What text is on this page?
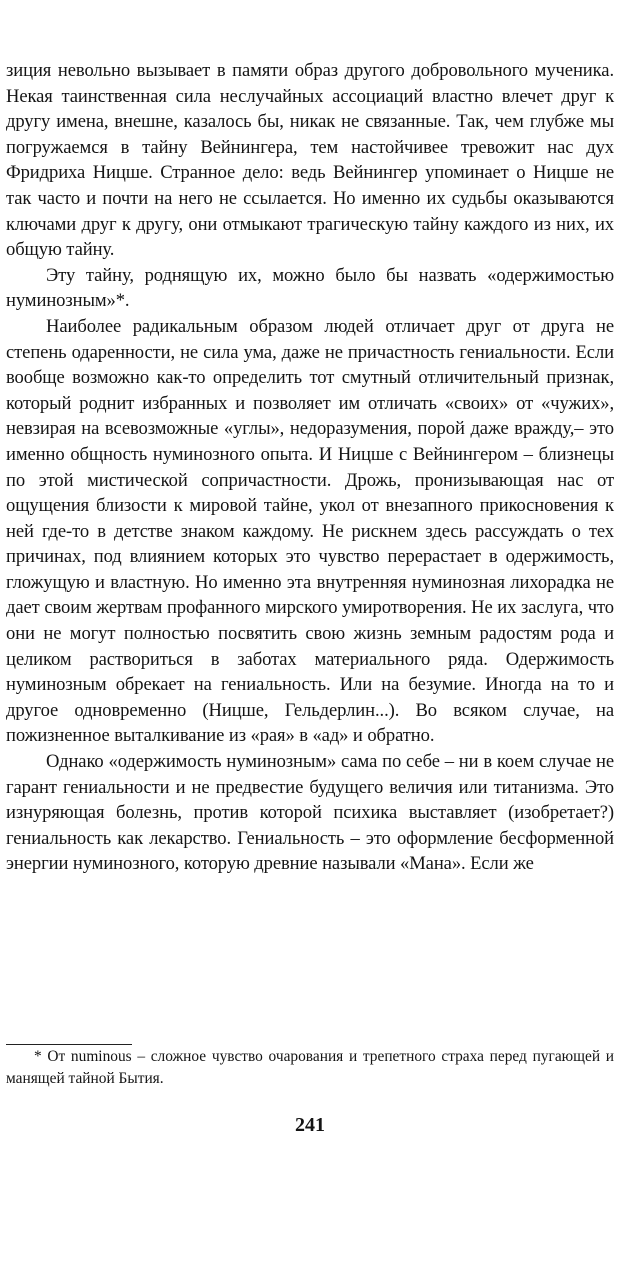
зиция невольно вызывает в памяти образ другого добровольного мученика. Некая таинственная сила неслучайных ассоциаций властно влечет друг к другу имена, внешне, казалось бы, никак не связанные. Так, чем глубже мы погружаемся в тайну Вейнингера, тем настойчивее тревожит нас дух Фридриха Ницше. Странное дело: ведь Вейнингер упоминает о Ницше не так часто и почти на него не ссылается. Но именно их судьбы оказываются ключами друг к другу, они отмыкают трагическую тайну каждого из них, их общую тайну.

Эту тайну, роднящую их, можно было бы назвать «одержимостью нуминозным»*.

Наиболее радикальным образом людей отличает друг от друга не степень одаренности, не сила ума, даже не причастность гениальности. Если вообще возможно как-то определить тот смутный отличительный признак, который роднит избранных и позволяет им отличать «своих» от «чужих», невзирая на всевозможные «углы», недоразумения, порой даже вражду,– это именно общность нуминозного опыта. И Ницше с Вейнингером – близнецы по этой мистической сопричастности. Дрожь, пронизывающая нас от ощущения близости к мировой тайне, укол от внезапного прикосновения к ней где-то в детстве знаком каждому. Не рискнем здесь рассуждать о тех причинах, под влиянием которых это чувство перерастает в одержимость, гложущую и властную. Но именно эта внутренняя нуминозная лихорадка не дает своим жертвам профанного мирского умиротворения. Не их заслуга, что они не могут полностью посвятить свою жизнь земным радостям рода и целиком раствориться в заботах материального ряда. Одержимость нуминозным обрекает на гениальность. Или на безумие. Иногда на то и другое одновременно (Ницше, Гельдерлин...). Во всяком случае, на пожизненное выталкивание из «рая» в «ад» и обратно.

Однако «одержимость нуминозным» сама по себе – ни в коем случае не гарант гениальности и не предвестие будущего величия или титанизма. Это изнуряющая болезнь, против которой психика выставляет (изобретает?) гениальность как лекарство. Гениальность – это оформление бесформенной энергии нуминозного, которую древние называли «Мана». Если же

* От numinous – сложное чувство очарования и трепетного страха перед пугающей и манящей тайной Бытия.

241
